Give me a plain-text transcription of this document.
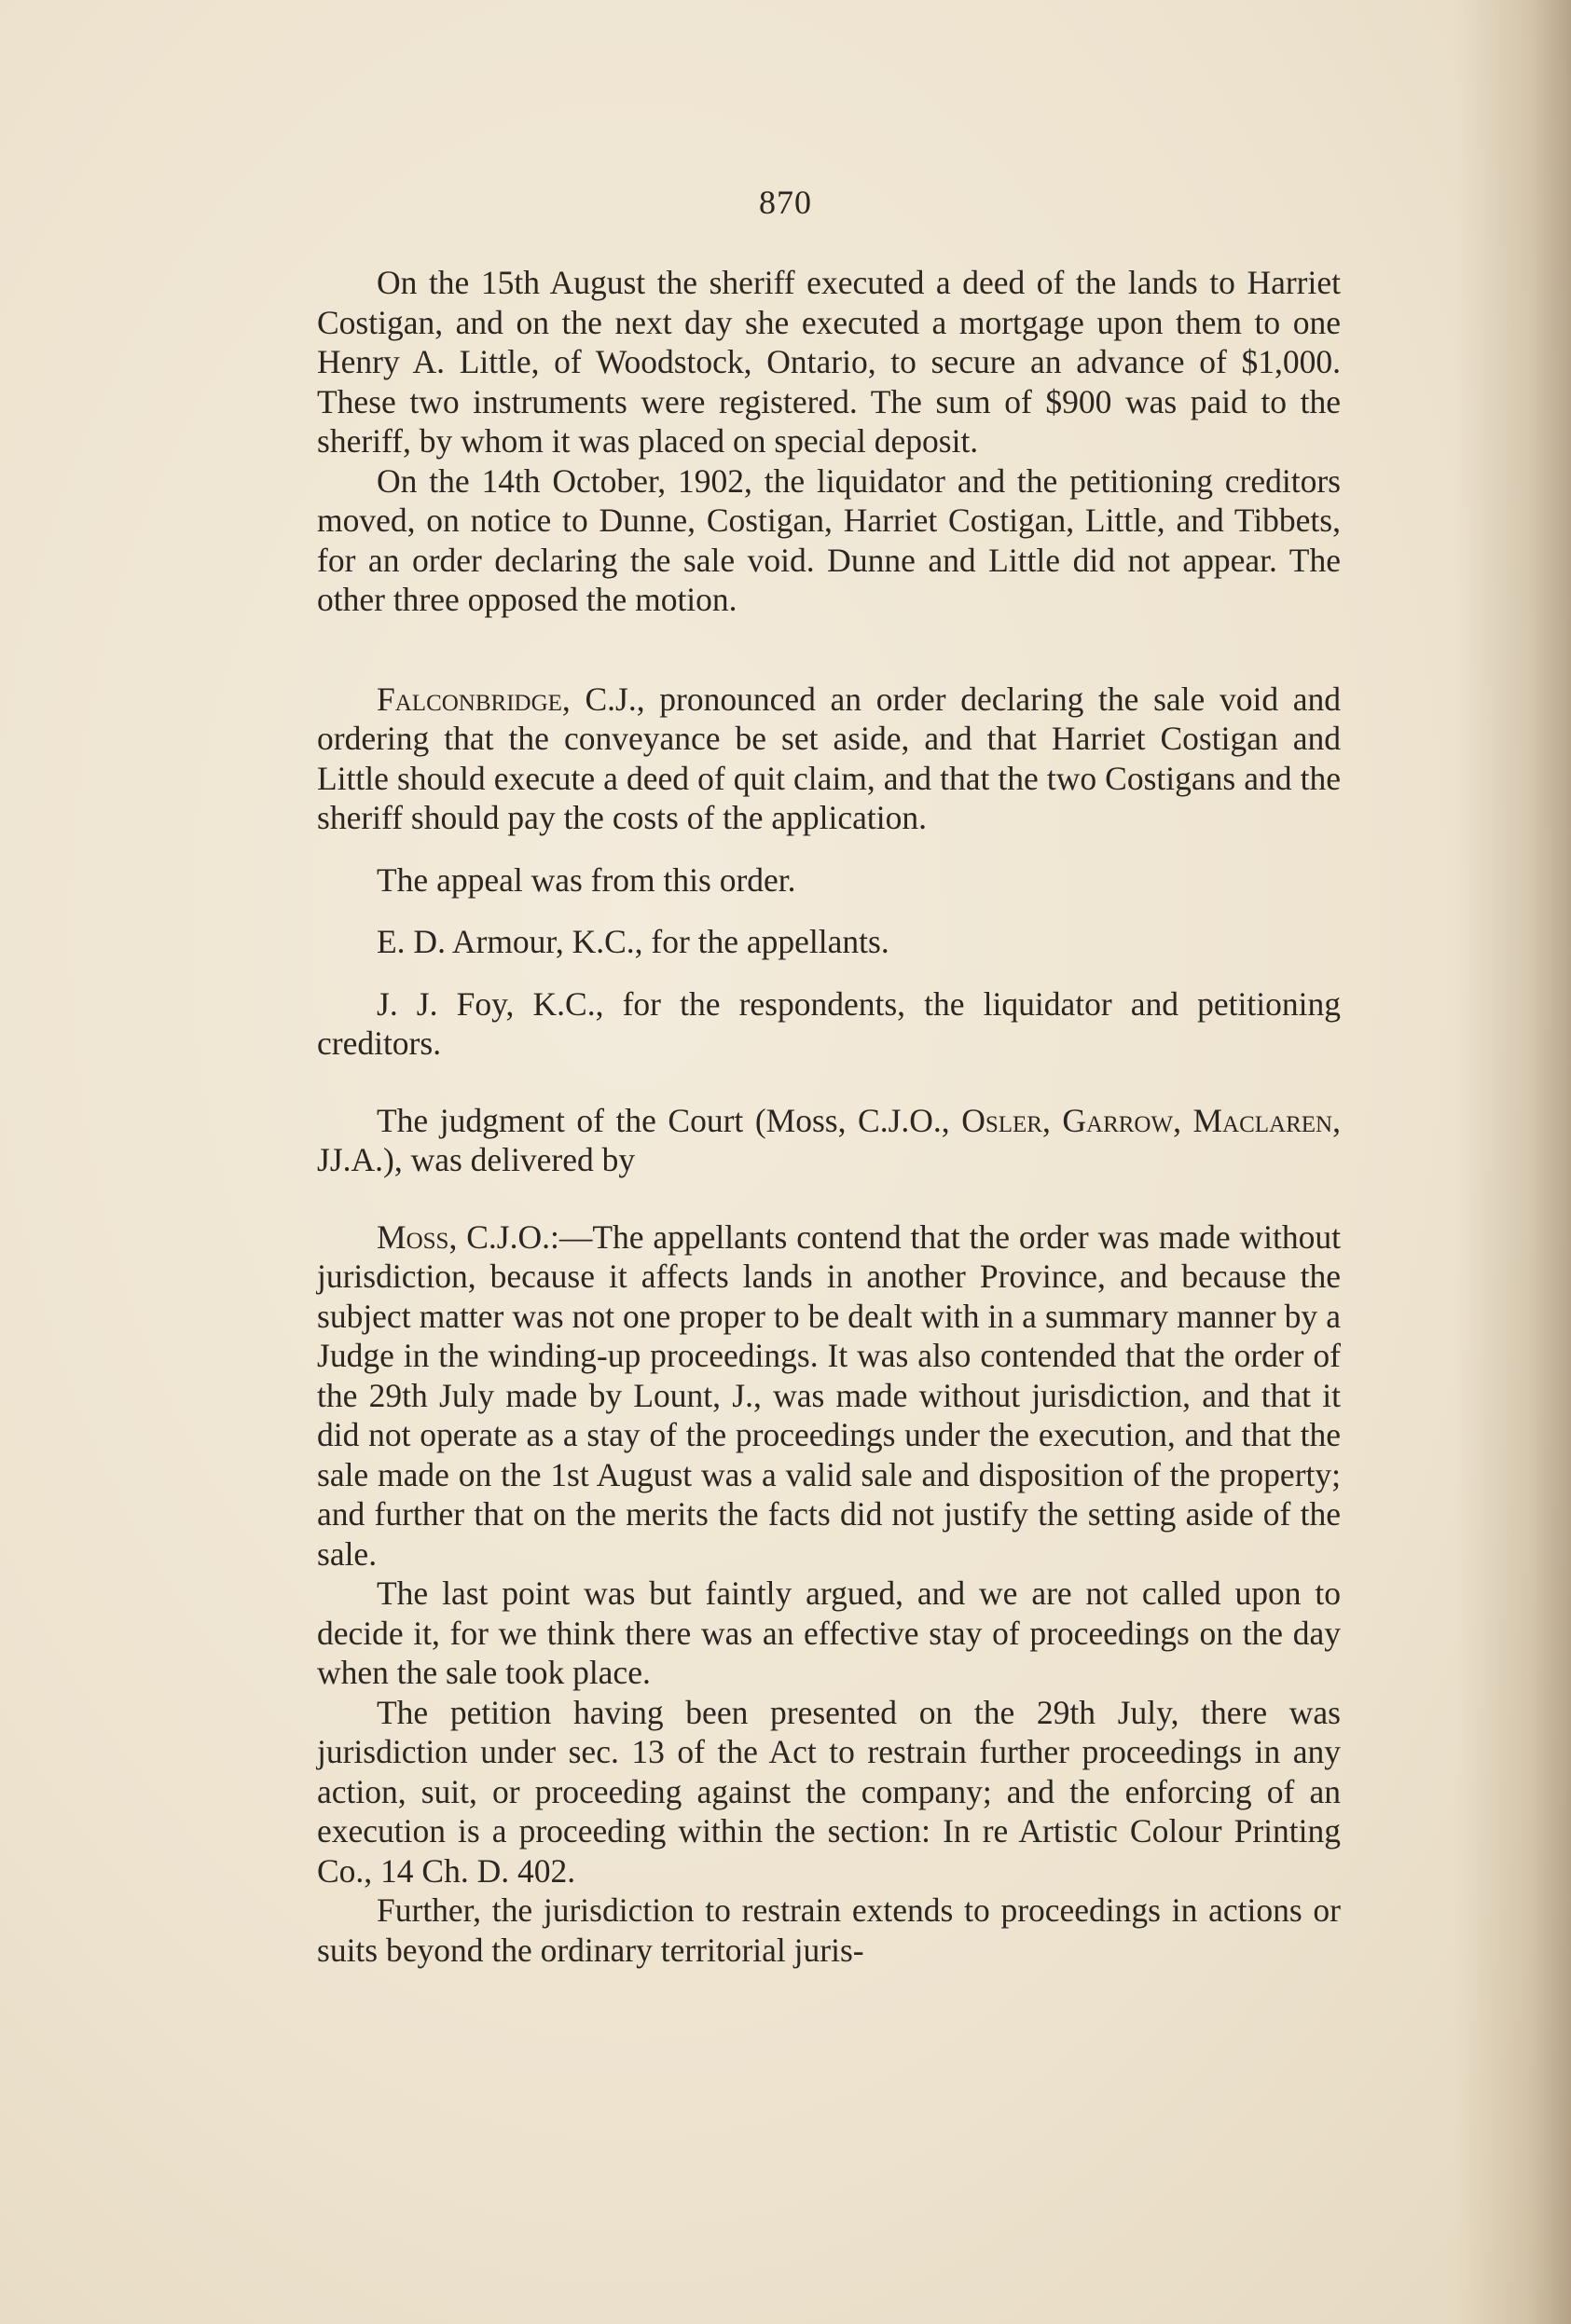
870

On the 15th August the sheriff executed a deed of the lands to Harriet Costigan, and on the next day she executed a mortgage upon them to one Henry A. Little, of Woodstock, Ontario, to secure an advance of $1,000. These two instruments were registered. The sum of $900 was paid to the sheriff, by whom it was placed on special deposit.

On the 14th October, 1902, the liquidator and the petitioning creditors moved, on notice to Dunne, Costigan, Harriet Costigan, Little, and Tibbets, for an order declaring the sale void. Dunne and Little did not appear. The other three opposed the motion.

Falconbridge, C.J., pronounced an order declaring the sale void and ordering that the conveyance be set aside, and that Harriet Costigan and Little should execute a deed of quit claim, and that the two Costigans and the sheriff should pay the costs of the application.

The appeal was from this order.

E. D. Armour, K.C., for the appellants.

J. J. Foy, K.C., for the respondents, the liquidator and petitioning creditors.

The judgment of the Court (Moss, C.J.O., Osler, Garrow, Maclaren, JJ.A.), was delivered by

Moss, C.J.O.:—The appellants contend that the order was made without jurisdiction, because it affects lands in another Province, and because the subject matter was not one proper to be dealt with in a summary manner by a Judge in the winding-up proceedings. It was also contended that the order of the 29th July made by Lount, J., was made without jurisdiction, and that it did not operate as a stay of the proceedings under the execution, and that the sale made on the 1st August was a valid sale and disposition of the property; and further that on the merits the facts did not justify the setting aside of the sale.

The last point was but faintly argued, and we are not called upon to decide it, for we think there was an effective stay of proceedings on the day when the sale took place.

The petition having been presented on the 29th July, there was jurisdiction under sec. 13 of the Act to restrain further proceedings in any action, suit, or proceeding against the company; and the enforcing of an execution is a proceeding within the section: In re Artistic Colour Printing Co., 14 Ch. D. 402.

Further, the jurisdiction to restrain extends to proceedings in actions or suits beyond the ordinary territorial juris-
